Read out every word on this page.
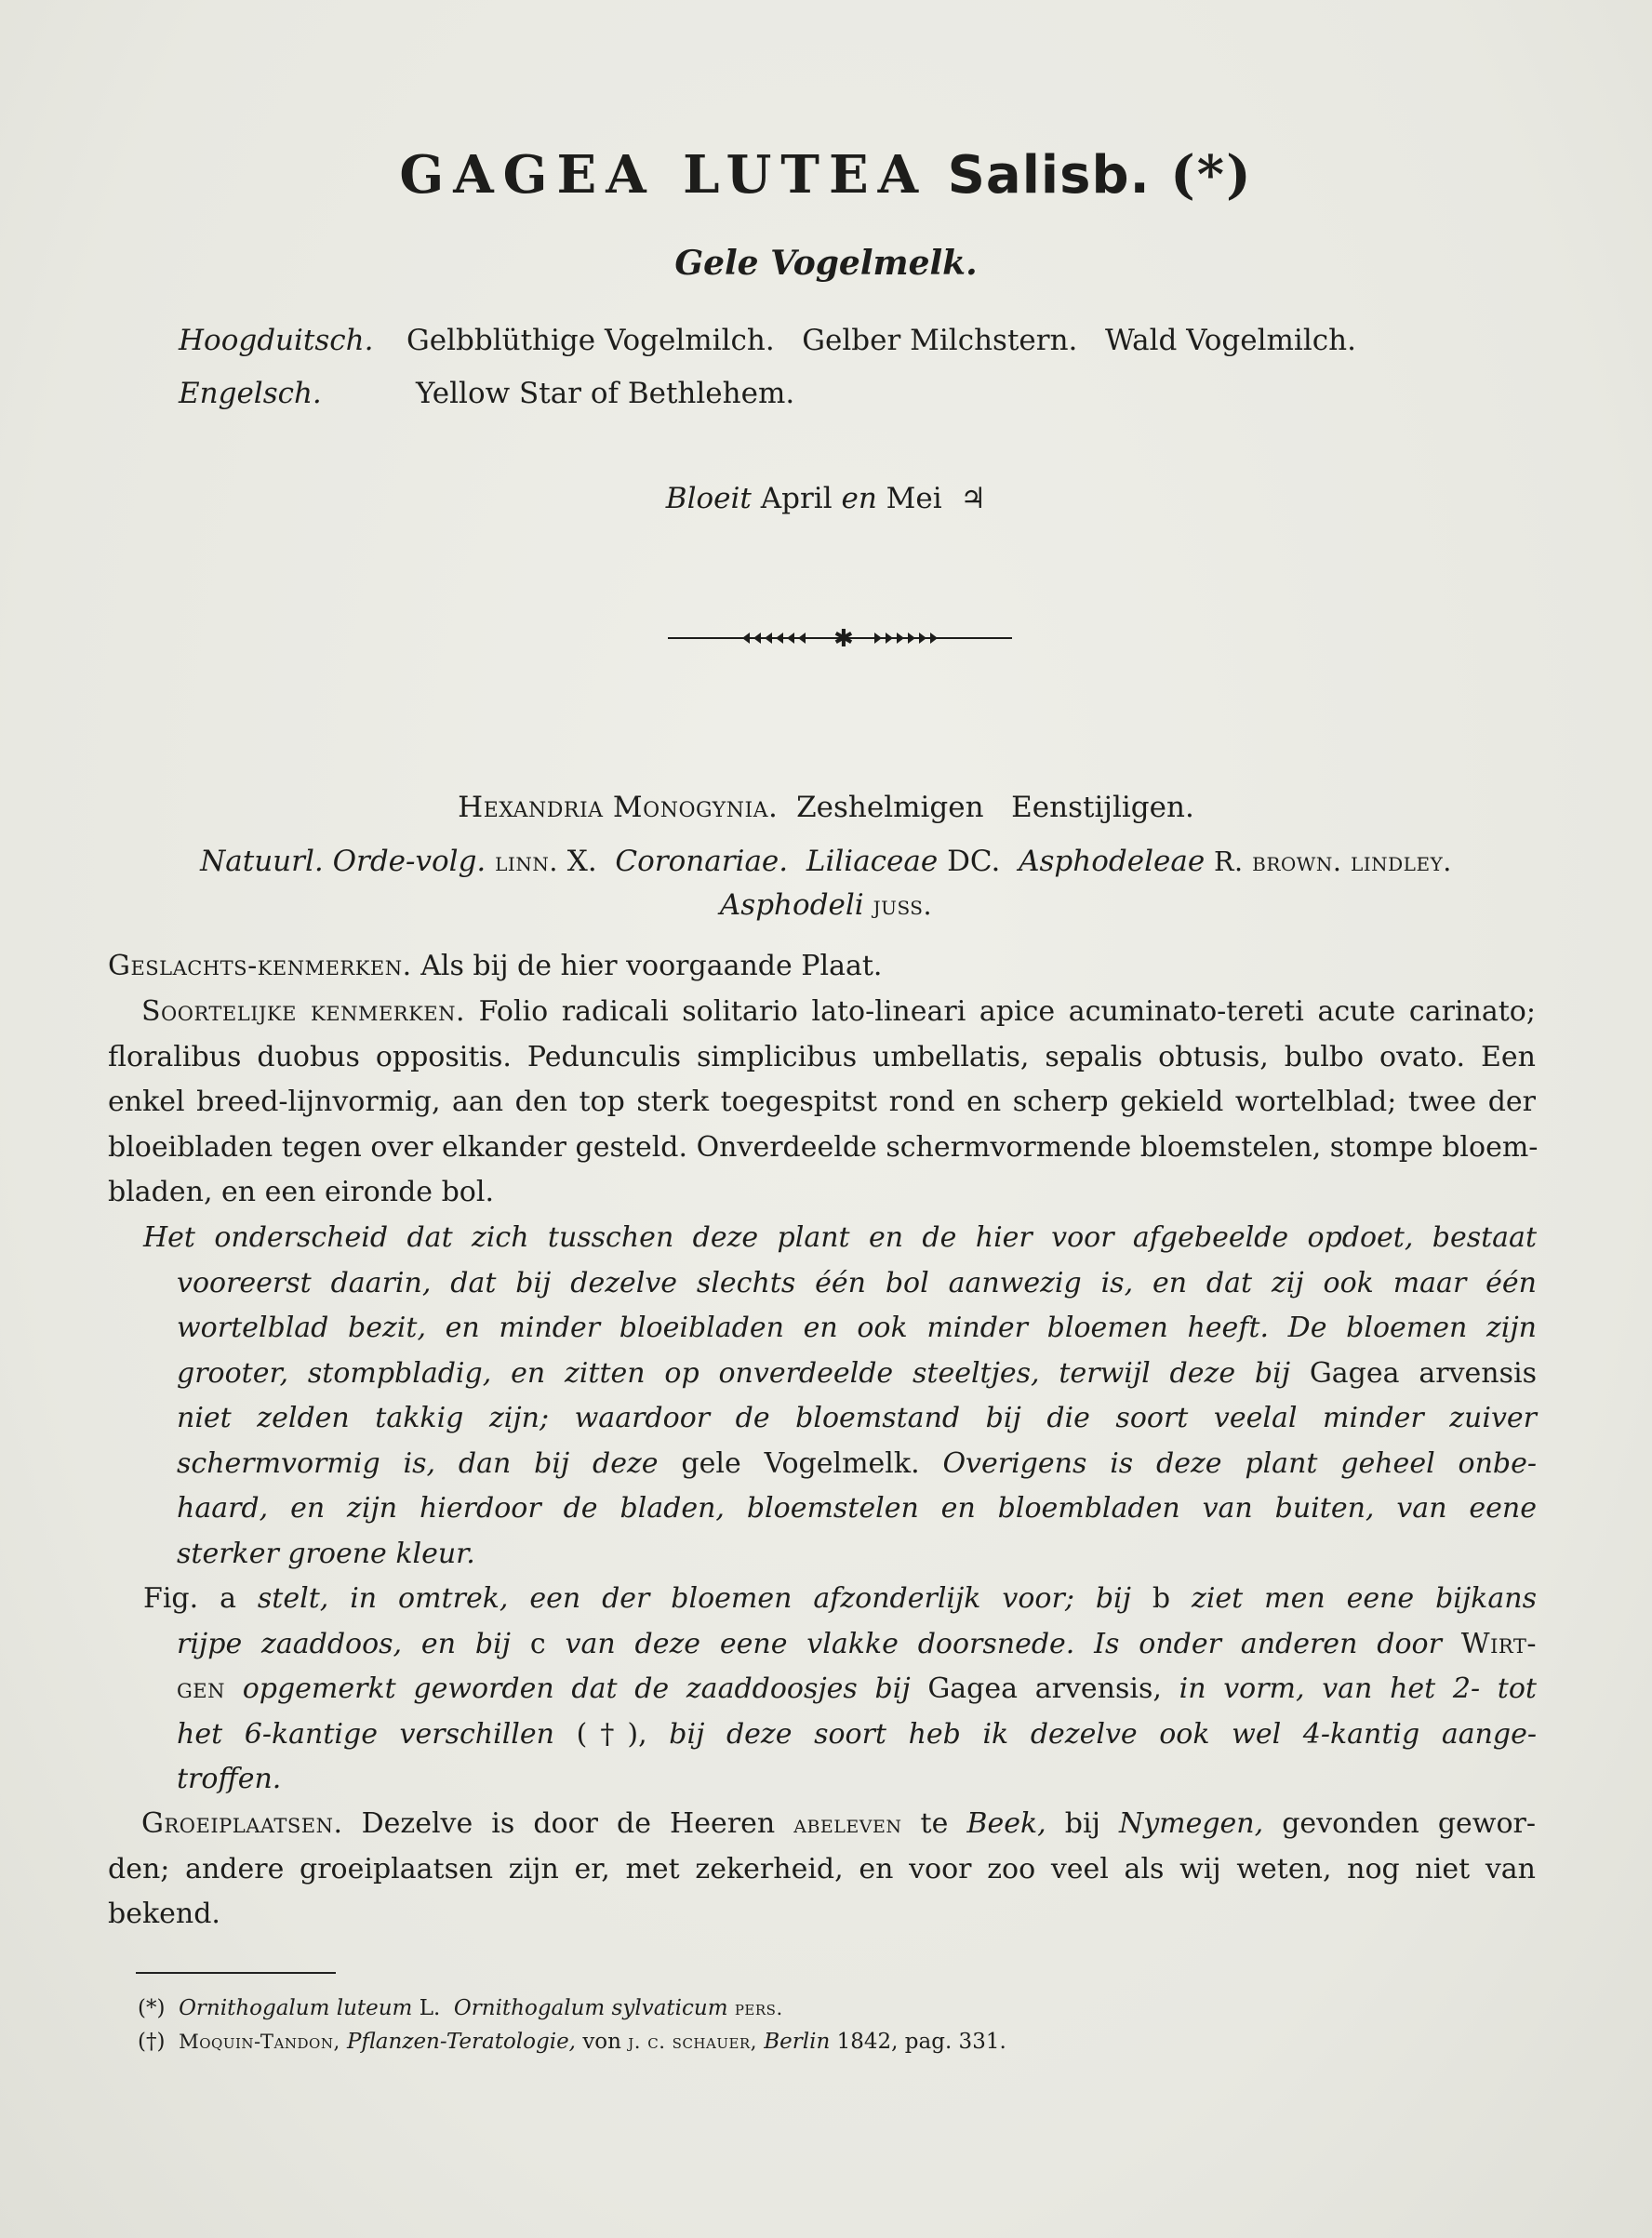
GAGEA LUTEA Salisb. (*)
Gele Vogelmelk.
Hoogduitsch.	Gelbblüthige Vogelmilch.   Gelber Milchstern.   Wald Vogelmilch.
Engelsch.	Yellow Star of Bethlehem.
Bloeit April en Mei ♃
✱
Hexandria Monogynia. Zeshelmigen   Eenstijligen.
Natuurl. Orde-volg. linn. X. Coronariae. Liliaceae DC. Asphodeleae R. brown. lindley.
Asphodeli juss.
Geslachts-kenmerken. Als bij de hier voorgaande Plaat.
Soortelijke kenmerken. Folio radicali solitario lato-lineari apice acuminato-tereti acute carinato;
floralibus duobus oppositis. Pedunculis simplicibus umbellatis, sepalis obtusis, bulbo ovato. Een
enkel breed-lijnvormig, aan den top sterk toegespitst rond en scherp gekield wortelblad; twee der
bloeibladen tegen over elkander gesteld. Onverdeelde schermvormende bloemstelen, stompe bloem-
bladen, en een eironde bol.
Het onderscheid dat zich tusschen deze plant en de hier voor afgebeelde opdoet, bestaat
vooreerst daarin, dat bij dezelve slechts één bol aanwezig is, en dat zij ook maar één
wortelblad bezit, en minder bloeibladen en ook minder bloemen heeft. De bloemen zijn
grooter, stompbladig, en zitten op onverdeelde steeltjes, terwijl deze bij Gagea arvensis
niet zelden takkig zijn; waardoor de bloemstand bij die soort veelal minder zuiver
schermvormig is, dan bij deze gele Vogelmelk. Overigens is deze plant geheel onbe-
haard, en zijn hierdoor de bladen, bloemstelen en bloembladen van buiten, van eene
sterker groene kleur.
Fig. a stelt, in omtrek, een der bloemen afzonderlijk voor; bij b ziet men eene bijkans
rijpe zaaddoos, en bij c van deze eene vlakke doorsnede. Is onder anderen door Wirt-
gen opgemerkt geworden dat de zaaddoosjes bij Gagea arvensis, in vorm, van het 2- tot
het 6-kantige verschillen (†), bij deze soort heb ik dezelve ook wel 4-kantig aange-
troffen.
Groeiplaatsen. Dezelve is door de Heeren abeleven te Beek, bij Nymegen, gevonden gewor-
den; andere groeiplaatsen zijn er, met zekerheid, en voor zoo veel als wij weten, nog niet van
bekend.
(*) Ornithogalum luteum L. Ornithogalum sylvaticum pers.
(†) Moquin-Tandon, Pflanzen-Teratologie, von j. c. schauer, Berlin 1842, pag. 331.
